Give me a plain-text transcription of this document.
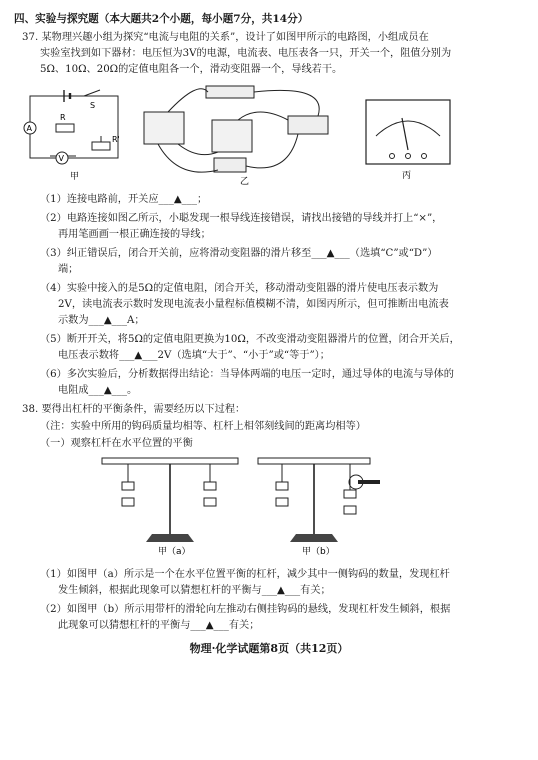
四、实验与探究题（本大题共2个小题，每小题7分，共14分）
37. 某物理兴趣小组为探究“电流与电阻的关系”，设计了如图甲所示的电路图，小组成员在
实验室找到如下器材：电压恒为3V的电源，电流表、电压表各一只，开关一个，阻值分别为
5Ω、10Ω、20Ω的定值电阻各一个，滑动变阻器一个，导线若干。
A
V
S
R
R'
甲	乙
丙
（1）连接电路前，开关应___▲___；
（2）电路连接如图乙所示，小聪发现一根导线连接错误，请找出接错的导线并打上“×”，
再用笔画画一根正确连接的导线；
（3）纠正错误后，闭合开关前，应将滑动变阻器的滑片移至___▲___（选填“C”或“D”）
端；
（4）实验中接入的是5Ω的定值电阻，闭合开关，移动滑动变阻器的滑片使电压表示数为
2V，读电流表示数时发现电流表小量程标值模糊不清，如图丙所示，但可推断出电流表
示数为___▲___A；
（5）断开开关，将5Ω的定值电阻更换为10Ω，不改变滑动变阻器滑片的位置，闭合开关后，
电压表示数将___▲___2V（选填“大于”、“小于”或“等于”）；
（6）多次实验后，分析数据得出结论：当导体两端的电压一定时，通过导体的电流与导体的
电阻成___▲___。
38. 要得出杠杆的平衡条件，需要经历以下过程：
（注：实验中所用的钩码质量均相等、杠杆上相邻刻线间的距离均相等）
（一）观察杠杆在水平位置的平衡
甲（a）	甲（b）
（1）如图甲（a）所示是一个在水平位置平衡的杠杆，减少其中一侧钩码的数量，发现杠杆
发生倾斜，根据此现象可以猜想杠杆的平衡与___▲___有关；
（2）如图甲（b）所示用带杆的滑轮向左推动右侧挂钩码的悬线，发现杠杆发生倾斜，根据
此现象可以猜想杠杆的平衡与___▲___有关；
物理·化学试题第8页（共12页）
